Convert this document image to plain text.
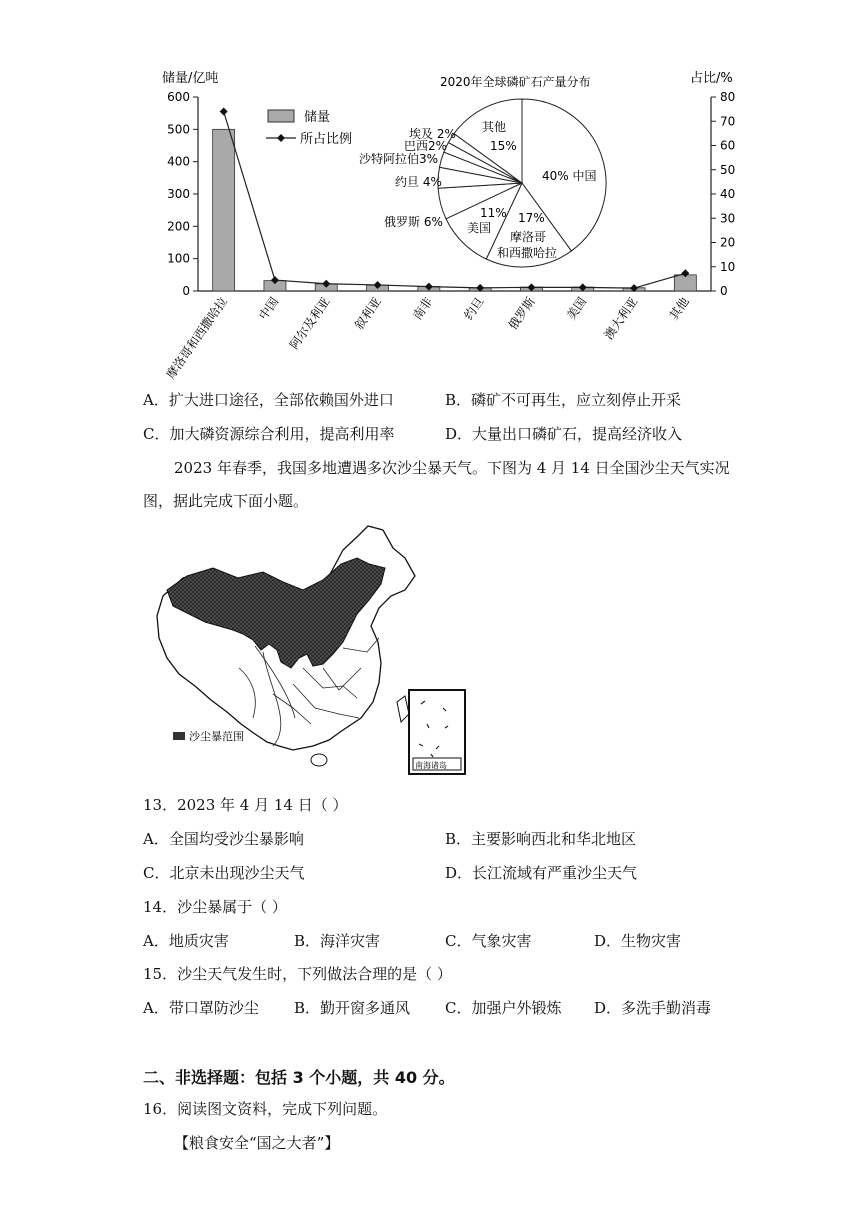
储量/亿吨	占比/%
0
100
200
300
400
500
600
0
10
20
30
40
50
60
70
80
摩洛哥和西撒哈拉 中国 阿尔及利亚 叙利亚 南非 约旦 俄罗斯 美国 澳大利亚 其他
储量
所占比例
2020年全球磷矿石产量分布
40% 中国
17%
摩洛哥
和西撒哈拉
11%
美国
俄罗斯 6%
约旦 4%
沙特阿拉伯3%
巴西2%
埃及 2% 其他
15%
A．扩大进口途径，全部依赖国外进口	B．磷矿不可再生，应立刻停止开采
C．加大磷资源综合利用，提高利用率	D．大量出口磷矿石，提高经济收入
2023 年春季，我国多地遭遇多次沙尘暴天气。下图为 4 月 14 日全国沙尘天气实况
图，据此完成下面小题。
沙尘暴范围
南海诸岛
13．2023 年 4 月 14 日（ ）
A．全国均受沙尘暴影响	B．主要影响西北和华北地区
C．北京未出现沙尘天气	D．长江流域有严重沙尘天气
14．沙尘暴属于（ ）
A．地质灾害	B．海洋灾害	C．气象灾害	D．生物灾害
15．沙尘天气发生时，下列做法合理的是（ ）
A．带口罩防沙尘 B．勤开窗多通风 C．加强户外锻炼 D．多洗手勤消毒
二、非选择题：包括 3 个小题，共 40 分。
16．阅读图文资料，完成下列问题。
【粮食安全“国之大者”】
